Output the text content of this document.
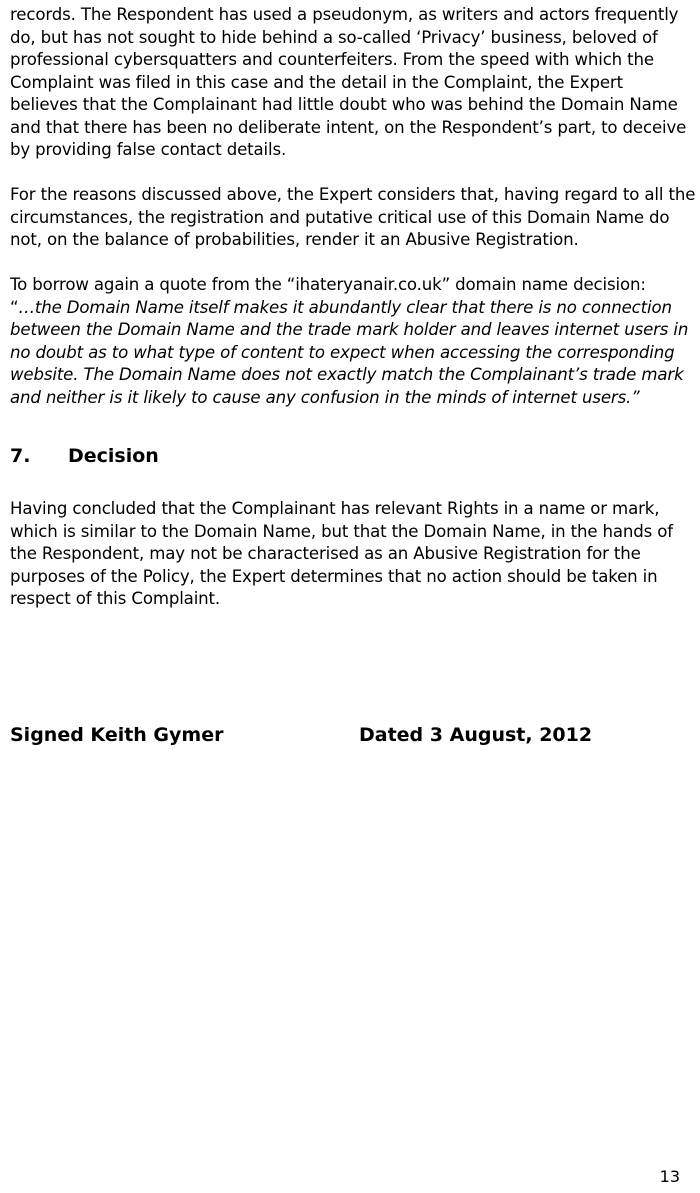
records. The Respondent has used a pseudonym, as writers and actors frequently
do, but has not sought to hide behind a so-called ‘Privacy’ business, beloved of
professional cybersquatters and counterfeiters. From the speed with which the
Complaint was filed in this case and the detail in the Complaint, the Expert
believes that the Complainant had little doubt who was behind the Domain Name
and that there has been no deliberate intent, on the Respondent’s part, to deceive
by providing false contact details.
For the reasons discussed above, the Expert considers that, having regard to all the
circumstances, the registration and putative critical use of this Domain Name do
not, on the balance of probabilities, render it an Abusive Registration.
To borrow again a quote from the “ihateryanair.co.uk” domain name decision:
“…the Domain Name itself makes it abundantly clear that there is no connection
between the Domain Name and the trade mark holder and leaves internet users in
no doubt as to what type of content to expect when accessing the corresponding
website. The Domain Name does not exactly match the Complainant’s trade mark
and neither is it likely to cause any confusion in the minds of internet users.”
7. Decision
Having concluded that the Complainant has relevant Rights in a name or mark,
which is similar to the Domain Name, but that the Domain Name, in the hands of
the Respondent, may not be characterised as an Abusive Registration for the
purposes of the Policy, the Expert determines that no action should be taken in
respect of this Complaint.
Signed Keith Gymer	Dated 3 August, 2012
13
